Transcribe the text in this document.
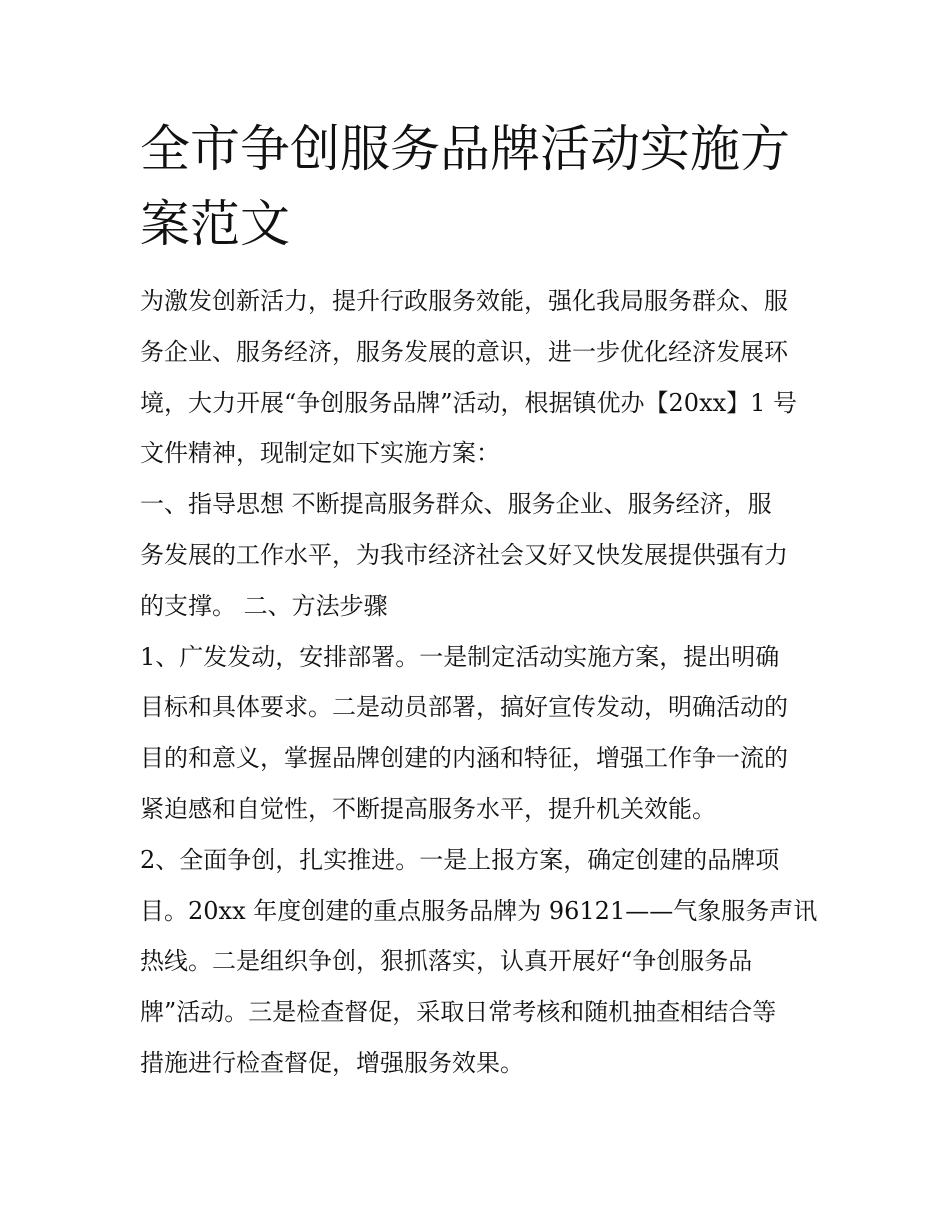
全市争创服务品牌活动实施方
案范文
为激发创新活力，提升行政服务效能，强化我局服务群众、服
务企业、服务经济，服务发展的意识，进一步优化经济发展环
境，大力开展“争创服务品牌”活动，根据镇优办【20xx】1 号
文件精神，现制定如下实施方案：
一、指导思想 不断提高服务群众、服务企业、服务经济，服
务发展的工作水平，为我市经济社会又好又快发展提供强有力
的支撑。 二、方法步骤
1、广发发动，安排部署。一是制定活动实施方案，提出明确
目标和具体要求。二是动员部署，搞好宣传发动，明确活动的
目的和意义，掌握品牌创建的内涵和特征，增强工作争一流的
紧迫感和自觉性，不断提高服务水平，提升机关效能。
2、全面争创，扎实推进。一是上报方案，确定创建的品牌项
目。20xx 年度创建的重点服务品牌为 96121——气象服务声讯
热线。二是组织争创，狠抓落实，认真开展好“争创服务品
牌”活动。三是检查督促，采取日常考核和随机抽查相结合等
措施进行检查督促，增强服务效果。
